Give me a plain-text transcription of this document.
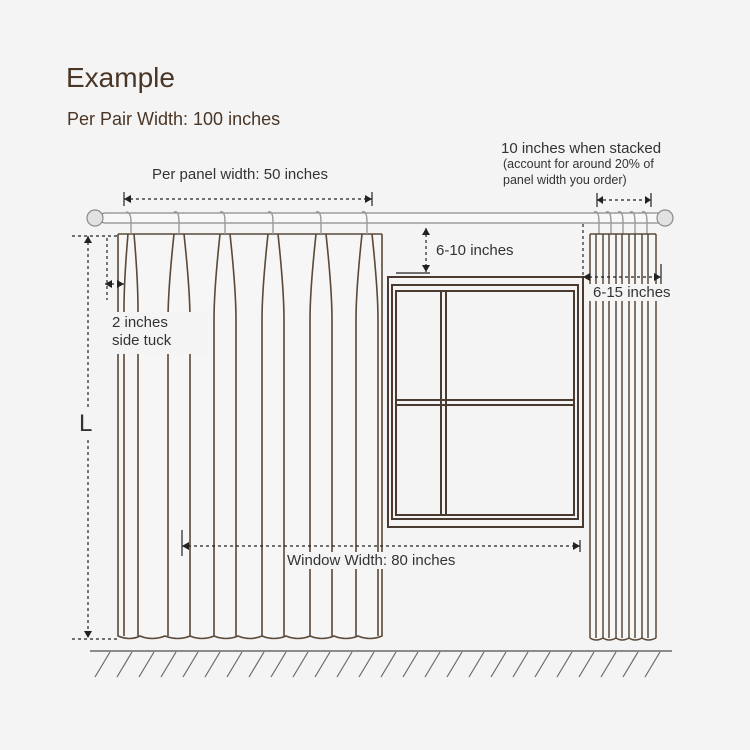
Example
Per Pair Width: 100 inches
Per panel width: 50 inches
6-10 inches
10 inches when stacked
(account for around 20% of
panel width you order)
6-15 inches
2 inches
side tuck
L
Window Width: 80 inches
